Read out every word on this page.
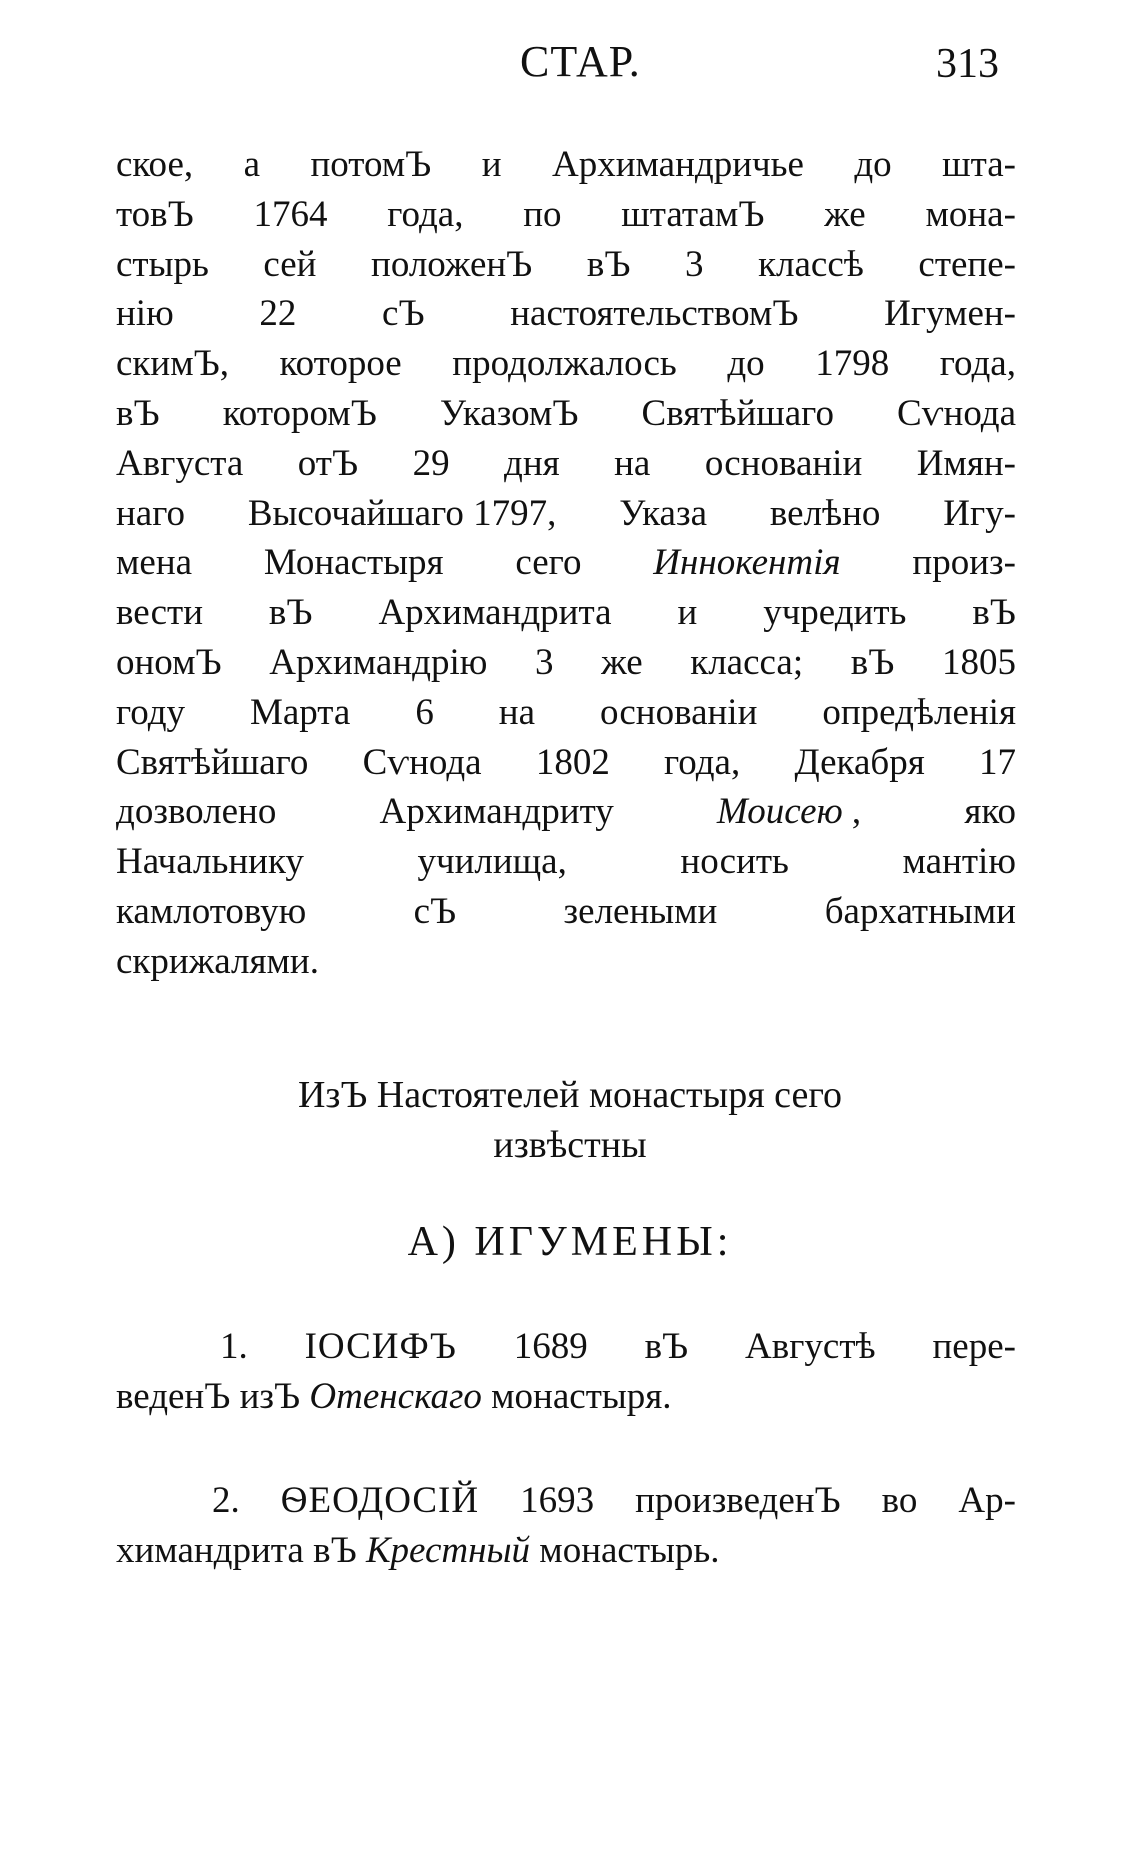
СТАР.	313
ское, а потомЪ и Архимандричье до шта-
товЪ 1764 года, по штатамЪ же мона-
стырь сей положенЪ вЪ 3 классѣ степе-
нію 22 сЪ настоятельствомЪ Игумен-
скимЪ, которое продолжалось до 1798 года,
вЪ которомЪ УказомЪ Святѣйшаго Сѵнода
Августа отЪ 29 дня на основаніи Имян-
наго Высочайшаго 1797, Указа велѣно Игу-
мена Монастыря сего Иннокентія произ-
вести вЪ Архимандрита и учредить вЪ
ономЪ Архимандрію 3 же класса; вЪ 1805
году Марта 6 на основаніи опредѣленія
Святѣйшаго Сѵнода 1802 года, Декабря 17
дозволено	Архимандриту	Моисею ,	яко
Начальнику	училища,	носить	мантію
камлотовую	сЪ	зелеными	бархатными
скрижалями.
ИзЪ Настоятелей монастыря сего
извѣстны
А) ИГУМЕНЫ:
1. ІОСИФЪ 1689 вЪ Августѣ пере-
веденЪ
изЪ
Отенскаго
монастыря.
2. ѲЕОДОСІЙ 1693 произведенЪ во Ар-
химандрита
вЪ
Крестный
монастырь.
